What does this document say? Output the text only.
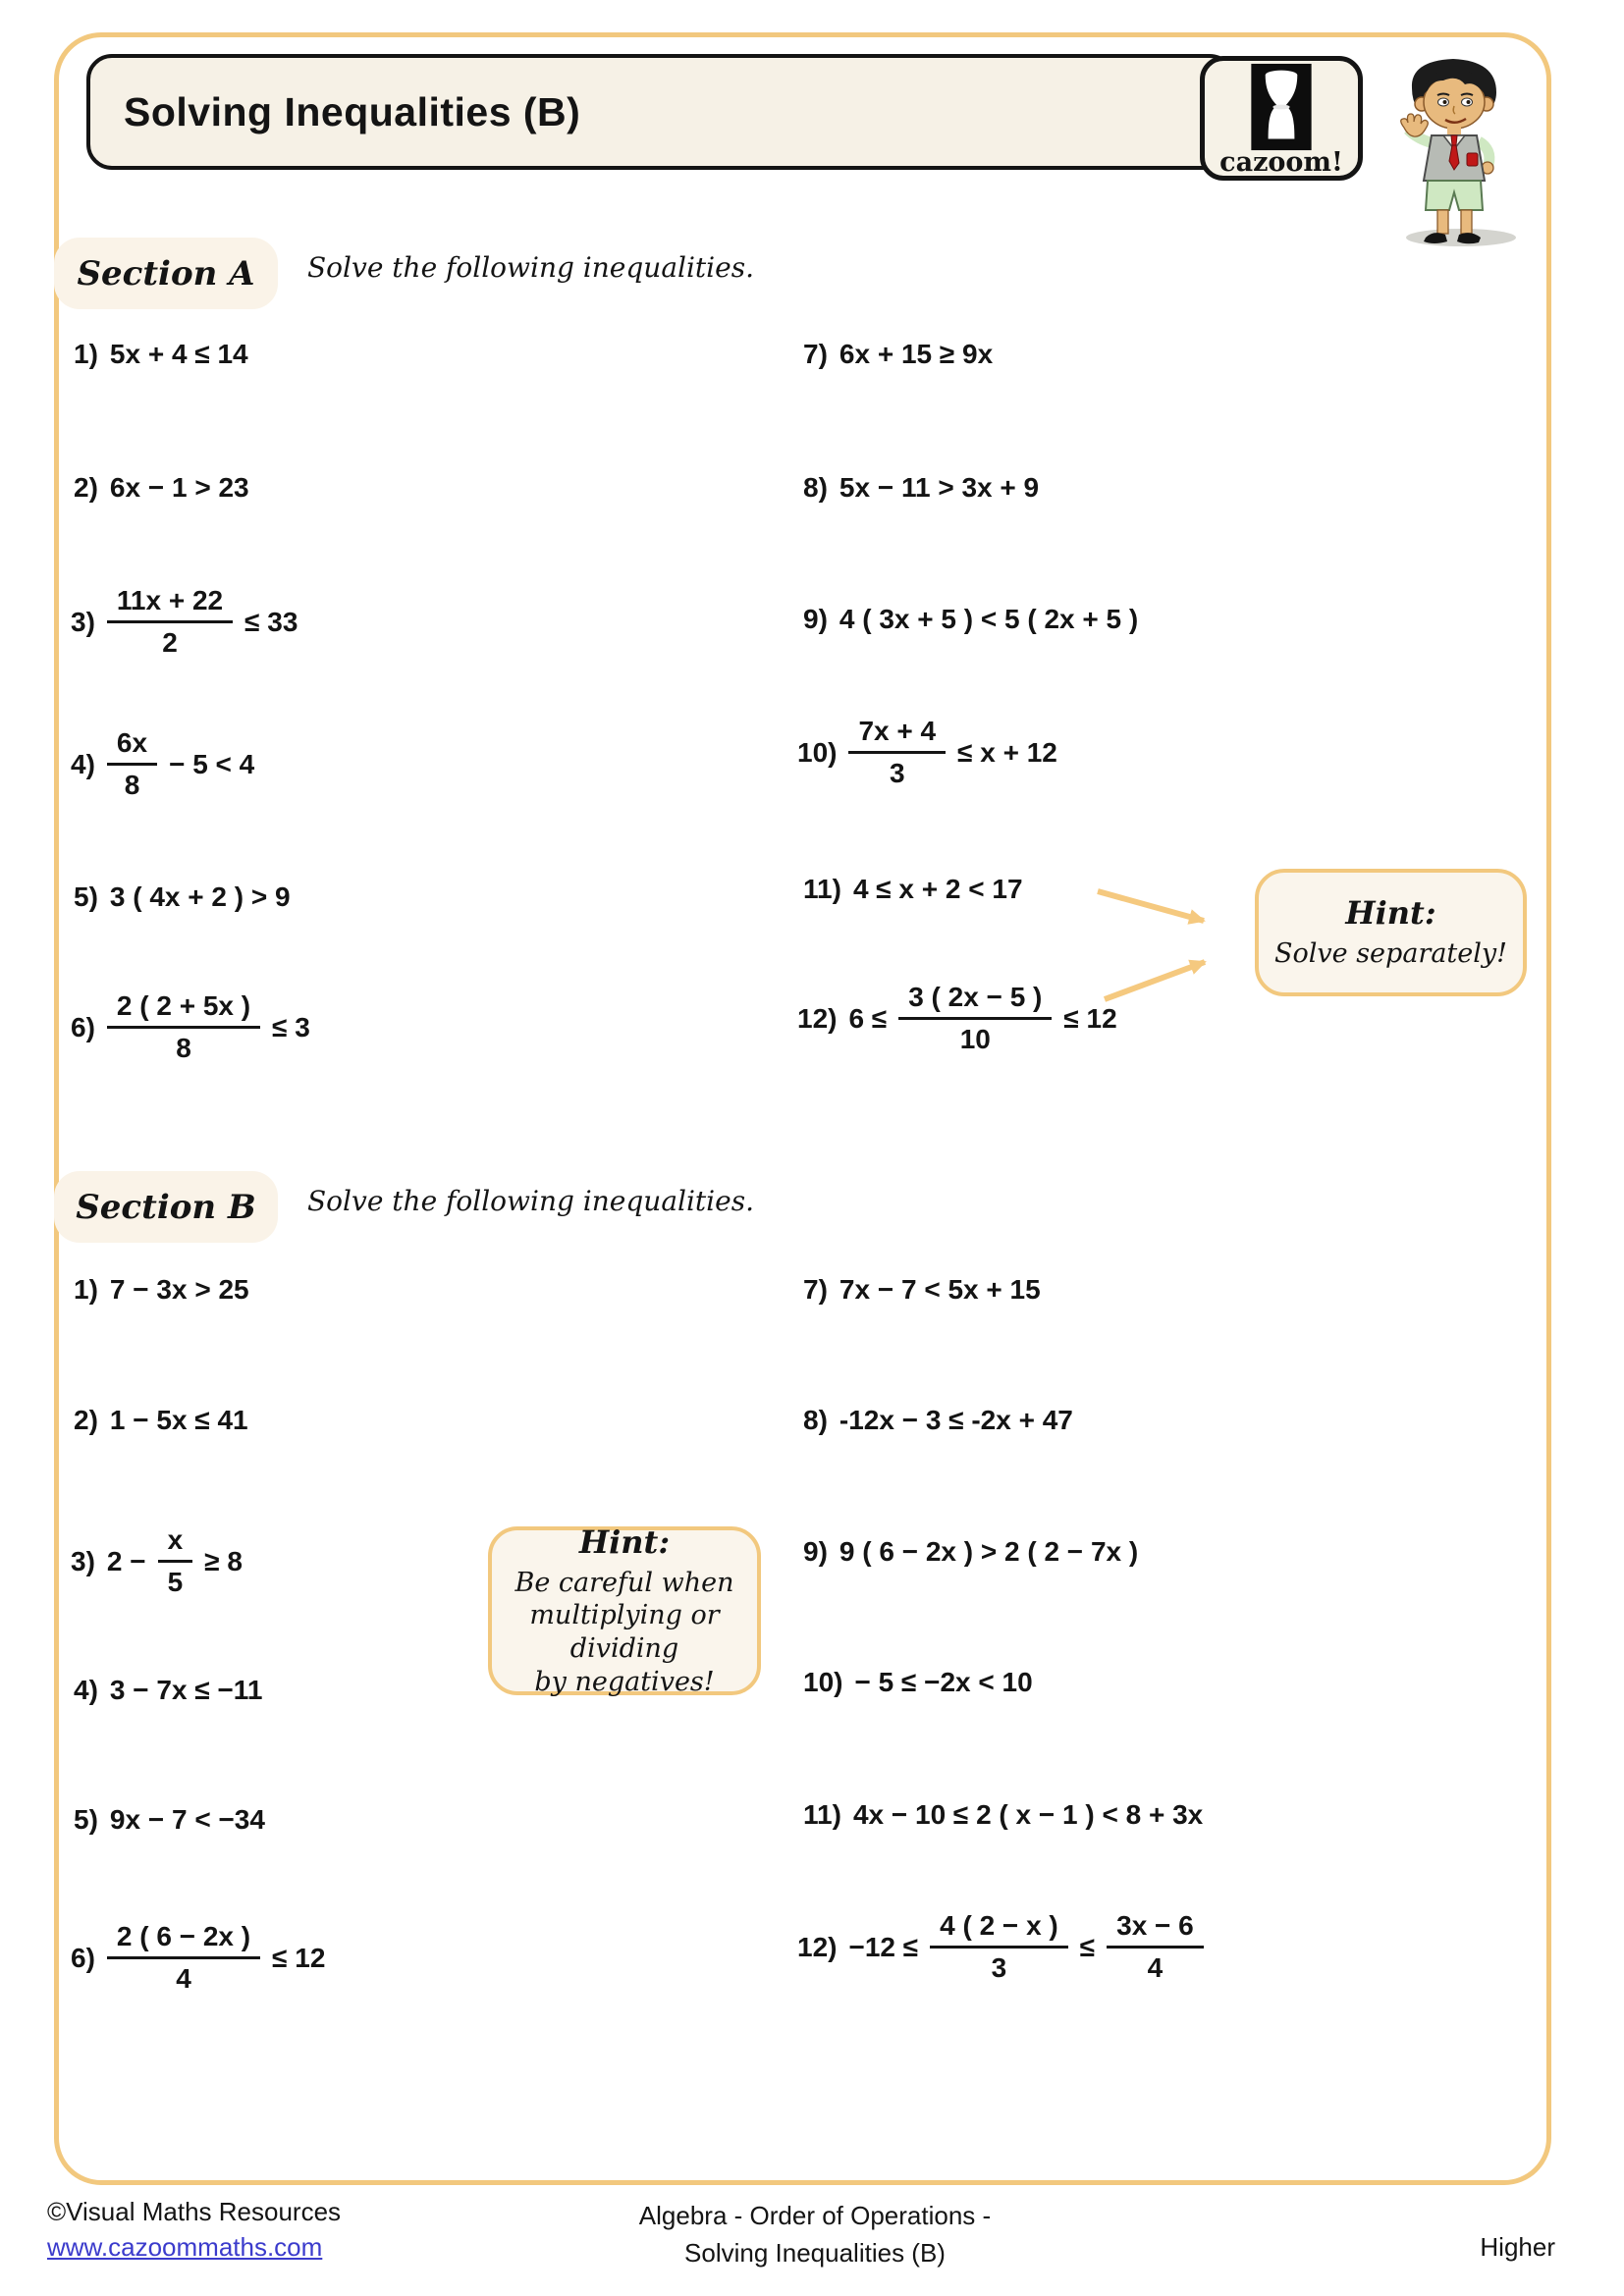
Solving Inequalities (B)
cazoom!
Section A Solve the following inequalities.
1) 5x + 4 ≤ 14
2) 6x − 1 > 23
$3) \frac{11x + 22}{2} \le 33$
$4) \frac{6x}{8} - 5 < 4$
5) 3 ( 4x + 2 ) > 9
$6) \frac{2 ( 2 + 5x )}{8} \le 3$
7) 6x + 15 ≥ 9x
8) 5x − 11 > 3x + 9
9) 4 ( 3x + 5 ) < 5 ( 2x + 5 )
$10) \frac{7x + 4}{3} \le x + 12$
11) 4 ≤ x + 2 < 17
12) $6 \le \frac{3 ( 2x - 5 )}{10} \le 12$
Hint:
Solve separately!
Section B Solve the following inequalities.
1) 7 − 3x > 25
2) 1 − 5x ≤ 41
3) $2 - \frac{x}{5} \ge 8$
4) 3 − 7x ≤ −11
5) 9x − 7 < −34
$6) \frac{2 ( 6 - 2x )}{4} \le 12$
7) 7x − 7 < 5x + 15
8) -12x − 3 ≤ -2x + 47
9) 9 ( 6 − 2x ) > 2 ( 2 − 7x )
10) − 5 ≤ −2x < 10
11) 4x − 10 ≤ 2 ( x − 1 ) < 8 + 3x
$12) -12 \le \frac{4 ( 2 - x )}{3} \le \frac{3x - 6}{4}$
Hint:
Be careful when
multiplying or dividing
by negatives!
©Visual Maths Resources
www.cazoommaths.com
Algebra - Order of Operations -
Solving Inequalities (B)	Higher
